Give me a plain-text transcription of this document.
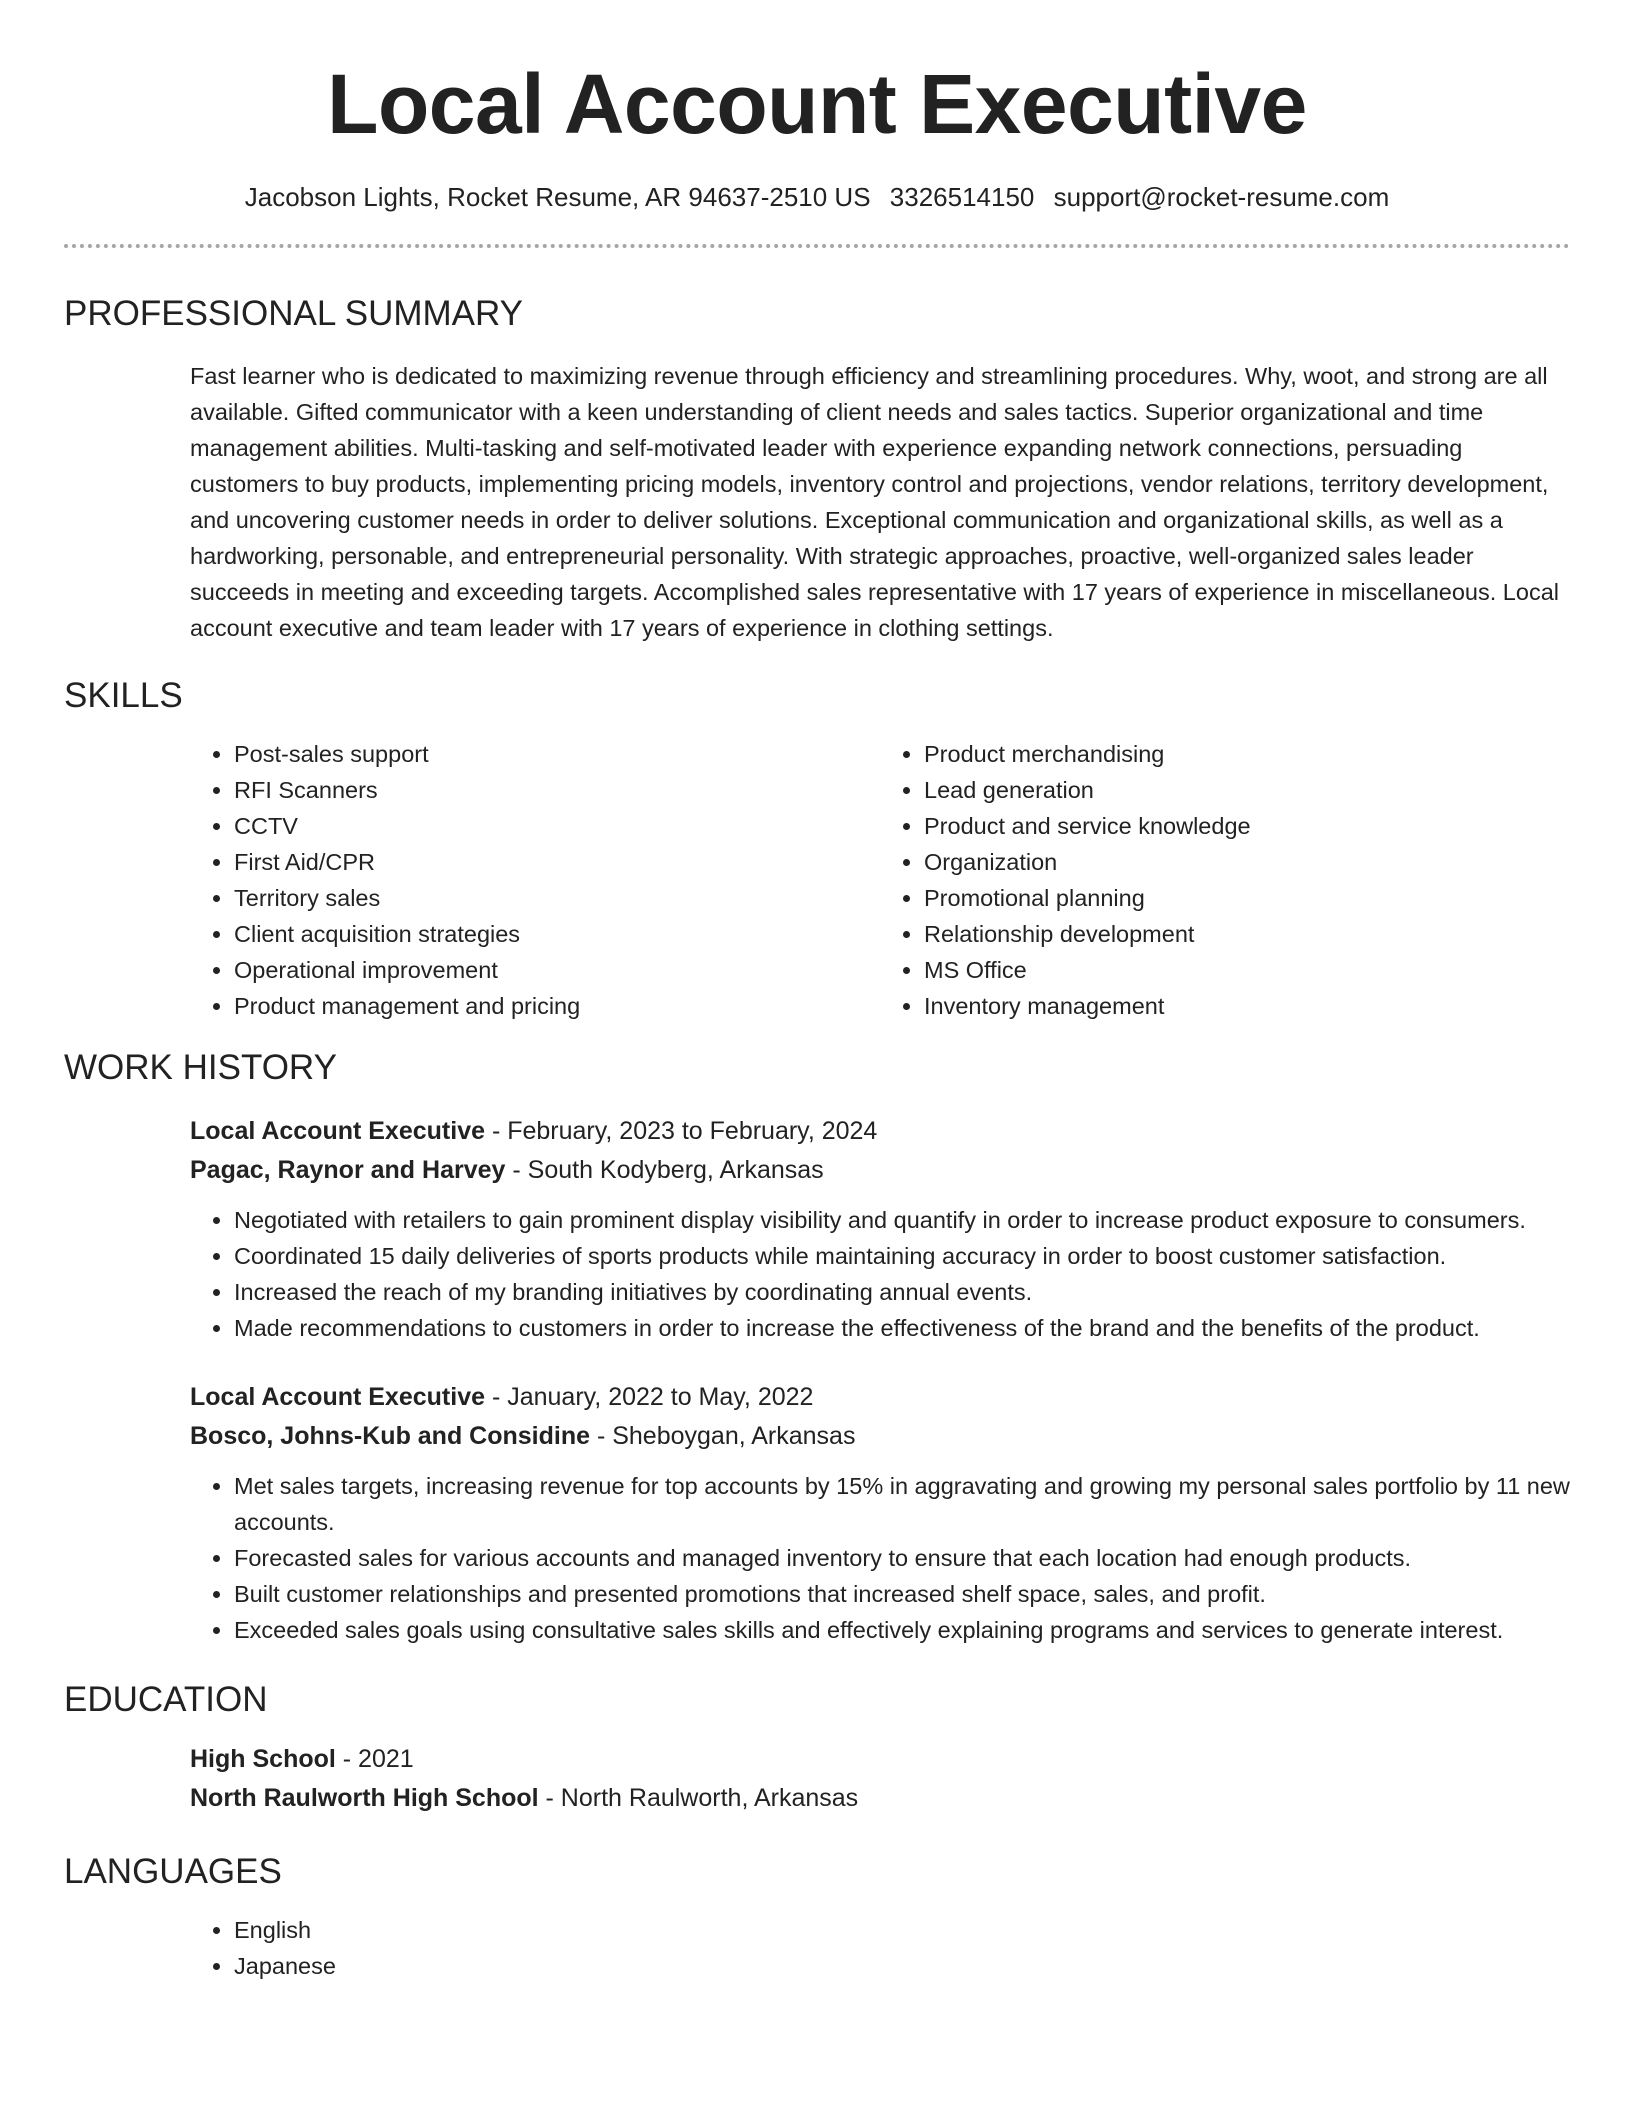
Local Account Executive
Jacobson Lights, Rocket Resume, AR 94637-2510 US 3326514150 support@rocket-resume.com
PROFESSIONAL SUMMARY
Fast learner who is dedicated to maximizing revenue through efficiency and streamlining procedures. Why, woot, and strong are all available. Gifted communicator with a keen understanding of client needs and sales tactics. Superior organizational and time management abilities. Multi-tasking and self-motivated leader with experience expanding network connections, persuading customers to buy products, implementing pricing models, inventory control and projections, vendor relations, territory development, and uncovering customer needs in order to deliver solutions. Exceptional communication and organizational skills, as well as a hardworking, personable, and entrepreneurial personality. With strategic approaches, proactive, well-organized sales leader succeeds in meeting and exceeding targets. Accomplished sales representative with 17 years of experience in miscellaneous. Local account executive and team leader with 17 years of experience in clothing settings.
SKILLS
• Post-sales support
• RFI Scanners
• CCTV
• First Aid/CPR
• Territory sales
• Client acquisition strategies
• Operational improvement
• Product management and pricing
• Product merchandising
• Lead generation
• Product and service knowledge
• Organization
• Promotional planning
• Relationship development
• MS Office
• Inventory management
WORK HISTORY
Local Account Executive - February, 2023 to February, 2024
Pagac, Raynor and Harvey - South Kodyberg, Arkansas
• Negotiated with retailers to gain prominent display visibility and quantify in order to increase product exposure to consumers.
• Coordinated 15 daily deliveries of sports products while maintaining accuracy in order to boost customer satisfaction.
• Increased the reach of my branding initiatives by coordinating annual events.
• Made recommendations to customers in order to increase the effectiveness of the brand and the benefits of the product.
Local Account Executive - January, 2022 to May, 2022
Bosco, Johns-Kub and Considine - Sheboygan, Arkansas
• Met sales targets, increasing revenue for top accounts by 15% in aggravating and growing my personal sales portfolio by 11 new accounts.
• Forecasted sales for various accounts and managed inventory to ensure that each location had enough products.
• Built customer relationships and presented promotions that increased shelf space, sales, and profit.
• Exceeded sales goals using consultative sales skills and effectively explaining programs and services to generate interest.
EDUCATION
High School - 2021
North Raulworth High School - North Raulworth, Arkansas
LANGUAGES
• English
• Japanese
